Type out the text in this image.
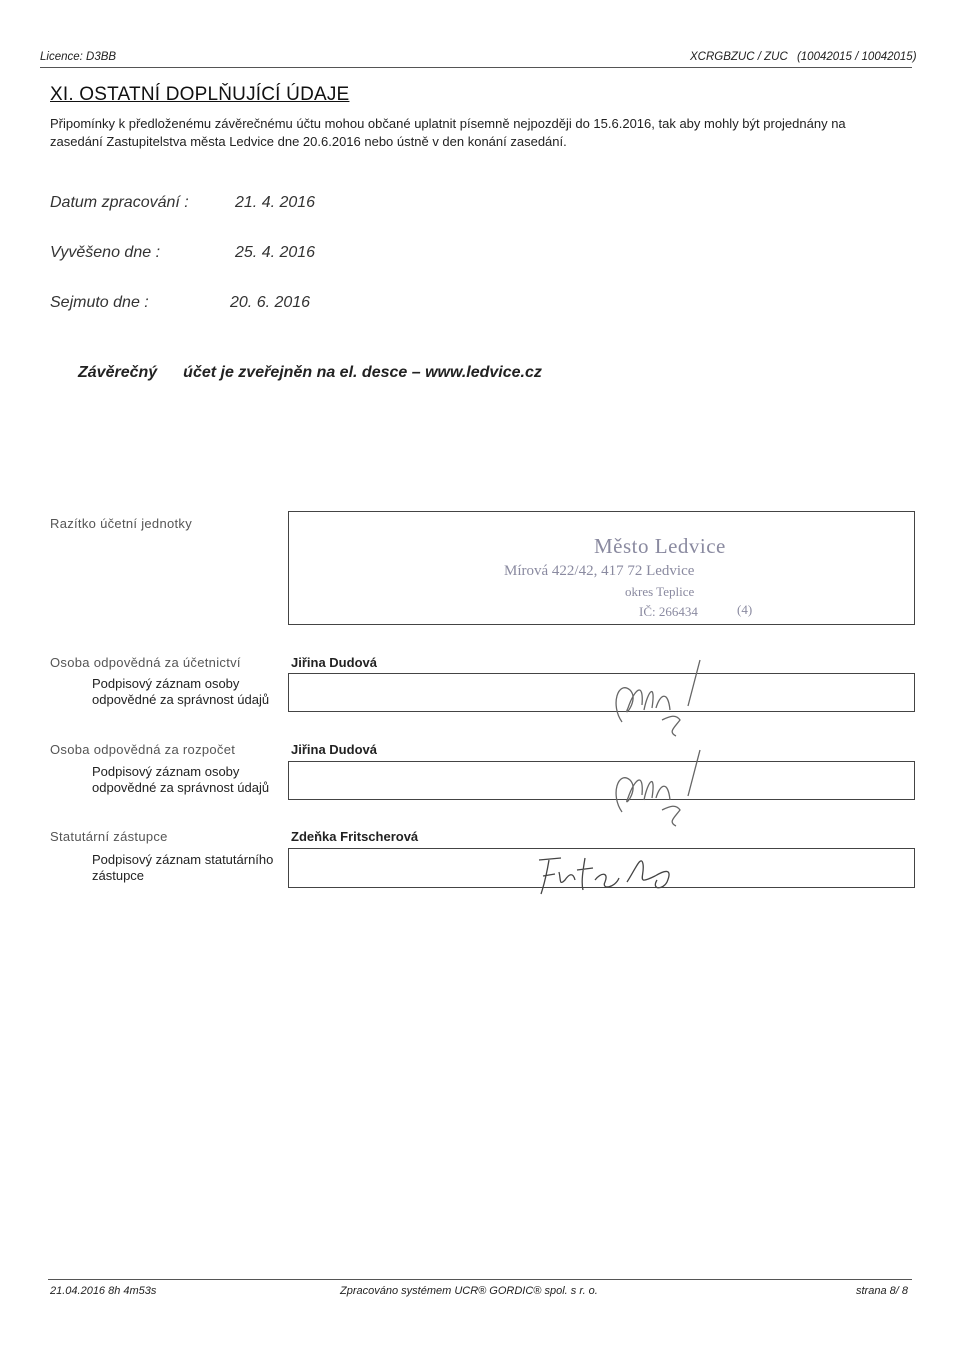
Licence: D3BB	XCRGBZUC / ZUC (10042015 / 10042015)
XI. OSTATNÍ DOPLŇUJÍCÍ ÚDAJE
Připomínky k předloženému závěrečnému účtu mohou občané uplatnit písemně nejpozději do 15.6.2016, tak aby mohly být projednány na
zasedání Zastupitelstva města Ledvice dne 20.6.2016 nebo ústně v den konání zasedání.
Datum zpracování :	21. 4. 2016
Vyvěšeno dne :	25. 4. 2016
Sejmuto dne :	20. 6. 2016
Závěrečný účet je zveřejněn na el. desce – www.ledvice.cz
Razítko účetní jednotky
Město Ledvice
Mírová 422/42, 417 72 Ledvice
okres Teplice
IČ: 266434	(4)
Osoba odpovědná za účetnictví	Jiřina Dudová
Podpisový záznam osoby
odpovědné za správnost údajů
Osoba odpovědná za rozpočet	Jiřina Dudová
Podpisový záznam osoby
odpovědné za správnost údajů
Statutární zástupce	Zdeňka Fritscherová
Podpisový záznam statutárního
zástupce
21.04.2016 8h 4m53s	Zpracováno systémem UCR® GORDIC® spol. s r. o.	strana 8/ 8
